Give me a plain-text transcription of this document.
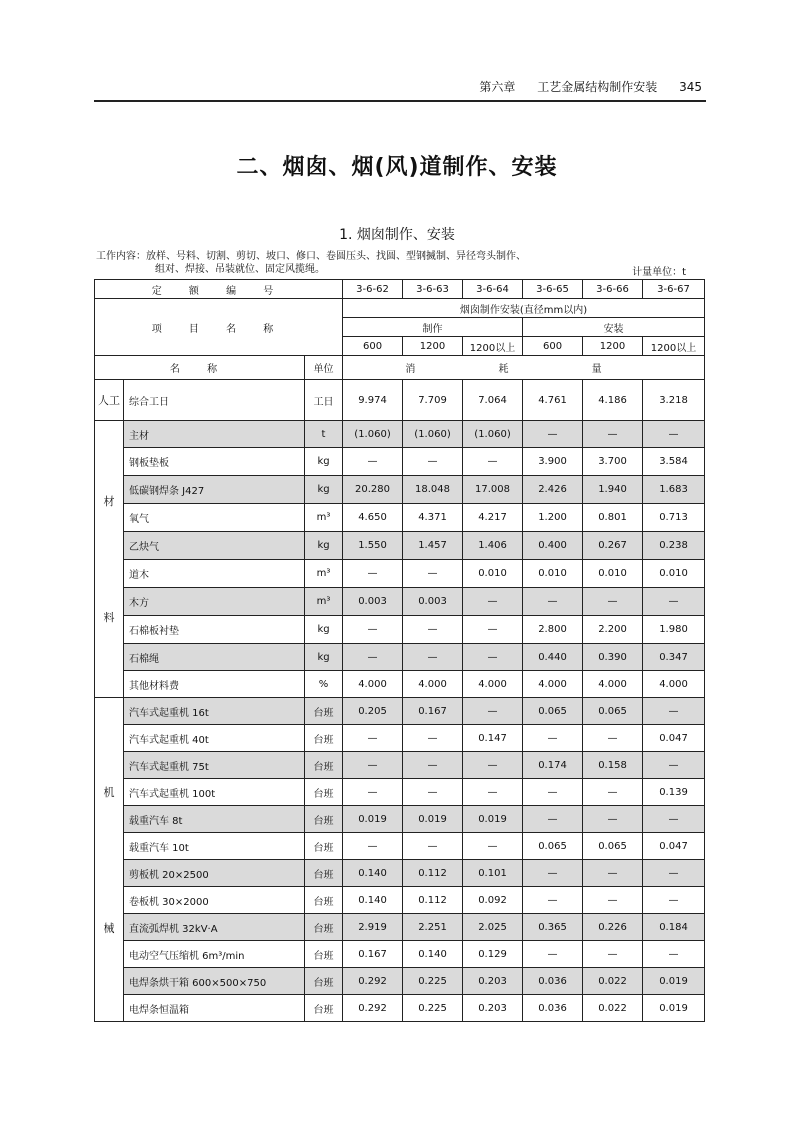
第六章 工艺金属结构制作安装 345
二、烟囱、烟(风)道制作、安装
1. 烟囱制作、安装
工作内容：放样、号料、切割、剪切、坡口、修口、卷圆压头、找圆、型钢揻制、异径弯头制作、
组对、焊接、吊装就位、固定风揽绳。	计量单位：t
定 额 编 号			3-6-62	3-6-63	3-6-64	3-6-65	3-6-66	3-6-67
项 目 名 称			烟囱制作安装(直径mm以内)					
			制作			安装		
			600	1200	1200以上	600	1200	1200以上
名 称		单位	消 耗 量					
人工	综合工日	工日	9.974	7.709	7.064	4.761	4.186	3.218

材
料	主材	t	(1.060)	(1.060)	(1.060)	—	—	—
	钢板垫板	kg	—	—	—	3.900	3.700	3.584
	低碳钢焊条 J427	kg	20.280	18.048	17.008	2.426	1.940	1.683
	氧气	m³	4.650	4.371	4.217	1.200	0.801	0.713
	乙炔气	kg	1.550	1.457	1.406	0.400	0.267	0.238
	道木	m³	—	—	0.010	0.010	0.010	0.010
	木方	m³	0.003	0.003	—	—	—	—
	石棉板衬垫	kg	—	—	—	2.800	2.200	1.980
	石棉绳	kg	—	—	—	0.440	0.390	0.347
	其他材料费	%	4.000	4.000	4.000	4.000	4.000	4.000

机
械	汽车式起重机 16t	台班	0.205	0.167	—	0.065	0.065	—
	汽车式起重机 40t	台班	—	—	0.147	—	—	0.047
	汽车式起重机 75t	台班	—	—	—	0.174	0.158	—
	汽车式起重机 100t	台班	—	—	—	—	—	0.139
	载重汽车 8t	台班	0.019	0.019	0.019	—	—	—
	载重汽车 10t	台班	—	—	—	0.065	0.065	0.047
	剪板机 20×2500	台班	0.140	0.112	0.101	—	—	—
	卷板机 30×2000	台班	0.140	0.112	0.092	—	—	—
	直流弧焊机 32kV·A	台班	2.919	2.251	2.025	0.365	0.226	0.184
	电动空气压缩机 6m³/min	台班	0.167	0.140	0.129	—	—	—
	电焊条烘干箱 600×500×750	台班	0.292	0.225	0.203	0.036	0.022	0.019
	电焊条恒温箱	台班	0.292	0.225	0.203	0.036	0.022	0.019
